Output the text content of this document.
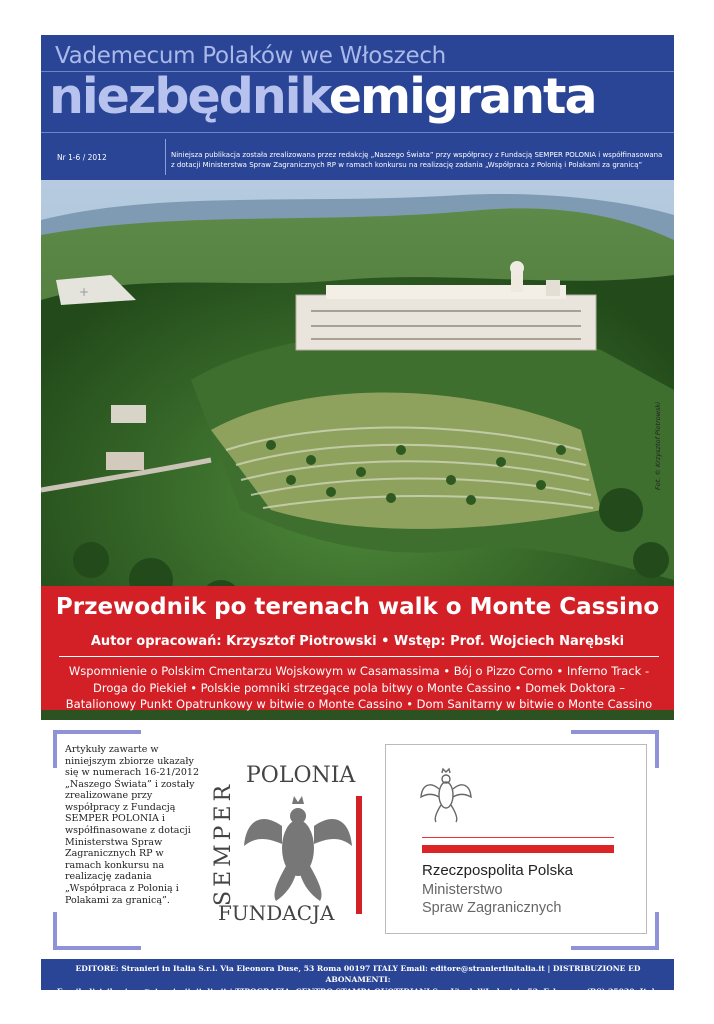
Vademecum Polaków we Włoszech
niezbędnikemigranta
Nr 1-6 / 2012	Niniejsza publikacja została zrealizowana przez redakcję „Naszego Świata” przy współpracy z Fundacją SEMPER POLONIA i współfinasowana z dotacji Ministerstwa Spraw Zagranicznych RP w ramach konkursu na realizację zadania „Współpraca z Polonią i Polakami za granicą”
+
Fot. © Krzysztof Piotrowski
Przewodnik po terenach walk o Monte Cassino
Autor opracowań: Krzysztof Piotrowski • Wstęp: Prof. Wojciech Narębski
Wspomnienie o Polskim Cmentarzu Wojskowym w Casamassima • Bój o Pizzo Corno • Inferno Track - Droga do Piekieł • Polskie pomniki strzegące pola bitwy o Monte Cassino • Domek Doktora – Batalionowy Punkt Opatrunkowy w bitwie o Monte Cassino • Dom Sanitarny w bitwie o Monte Cassino
Artykuły zawarte w niniejszym zbiorze ukazały się w numerach 16-21/2012 „Naszego Świata” i zostały zrealizowane przy współpracy z Fundacją SEMPER POLONIA i współfinasowane z dotacji Ministerstwa Spraw Zagranicznych RP w ramach konkursu na realizację zadania „Współpraca z Polonią i Polakami za granicą”.
POLONIA
SEMPER
FUNDACJA
Rzeczpospolita Polska
Ministerstwo
Spraw Zagranicznych
EDITORE: Stranieri in Italia S.r.l. Via Eleonora Duse, 53 Roma 00197 ITALY Email: editore@stranieriinitalia.it | DISTRIBUZIONE ED ABONAMENTI:
Email: distribuzione@stranieriinitalia.it | TIPOGRAFIA: CENTRO STAMPA QUOTIDIANI Spa Via dell'Industria 52, Erbusco - (BS) 25030, Italy
